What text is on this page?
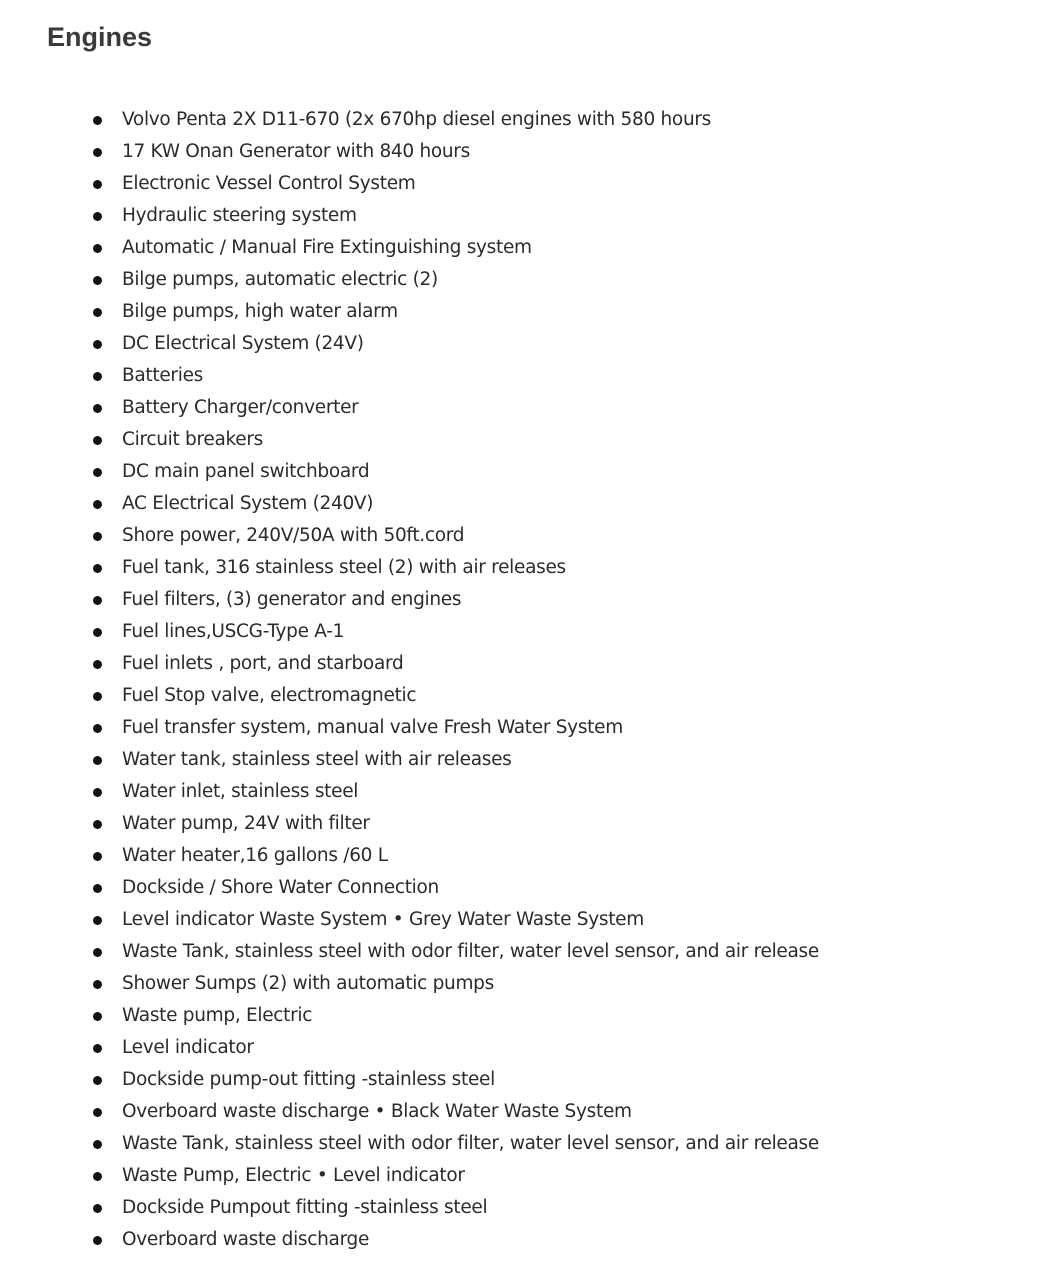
Engines
Volvo Penta 2X D11-670 (2x 670hp diesel engines with 580 hours
17 KW Onan Generator with 840 hours
Electronic Vessel Control System
Hydraulic steering system
Automatic / Manual Fire Extinguishing system
Bilge pumps, automatic electric (2)
Bilge pumps, high water alarm
DC Electrical System (24V)
Batteries
Battery Charger/converter
Circuit breakers
DC main panel switchboard
AC Electrical System (240V)
Shore power, 240V/50A with 50ft.cord
Fuel tank, 316 stainless steel (2) with air releases
Fuel filters, (3) generator and engines
Fuel lines,USCG-Type A-1
Fuel inlets , port, and starboard
Fuel Stop valve, electromagnetic
Fuel transfer system, manual valve Fresh Water System
Water tank, stainless steel with air releases
Water inlet, stainless steel
Water pump, 24V with filter
Water heater,16 gallons /60 L
Dockside / Shore Water Connection
Level indicator Waste System • Grey Water Waste System
Waste Tank, stainless steel with odor filter, water level sensor, and air release
Shower Sumps (2) with automatic pumps
Waste pump, Electric
Level indicator
Dockside pump-out fitting -stainless steel
Overboard waste discharge • Black Water Waste System
Waste Tank, stainless steel with odor filter, water level sensor, and air release
Waste Pump, Electric • Level indicator
Dockside Pumpout fitting -stainless steel
Overboard waste discharge
